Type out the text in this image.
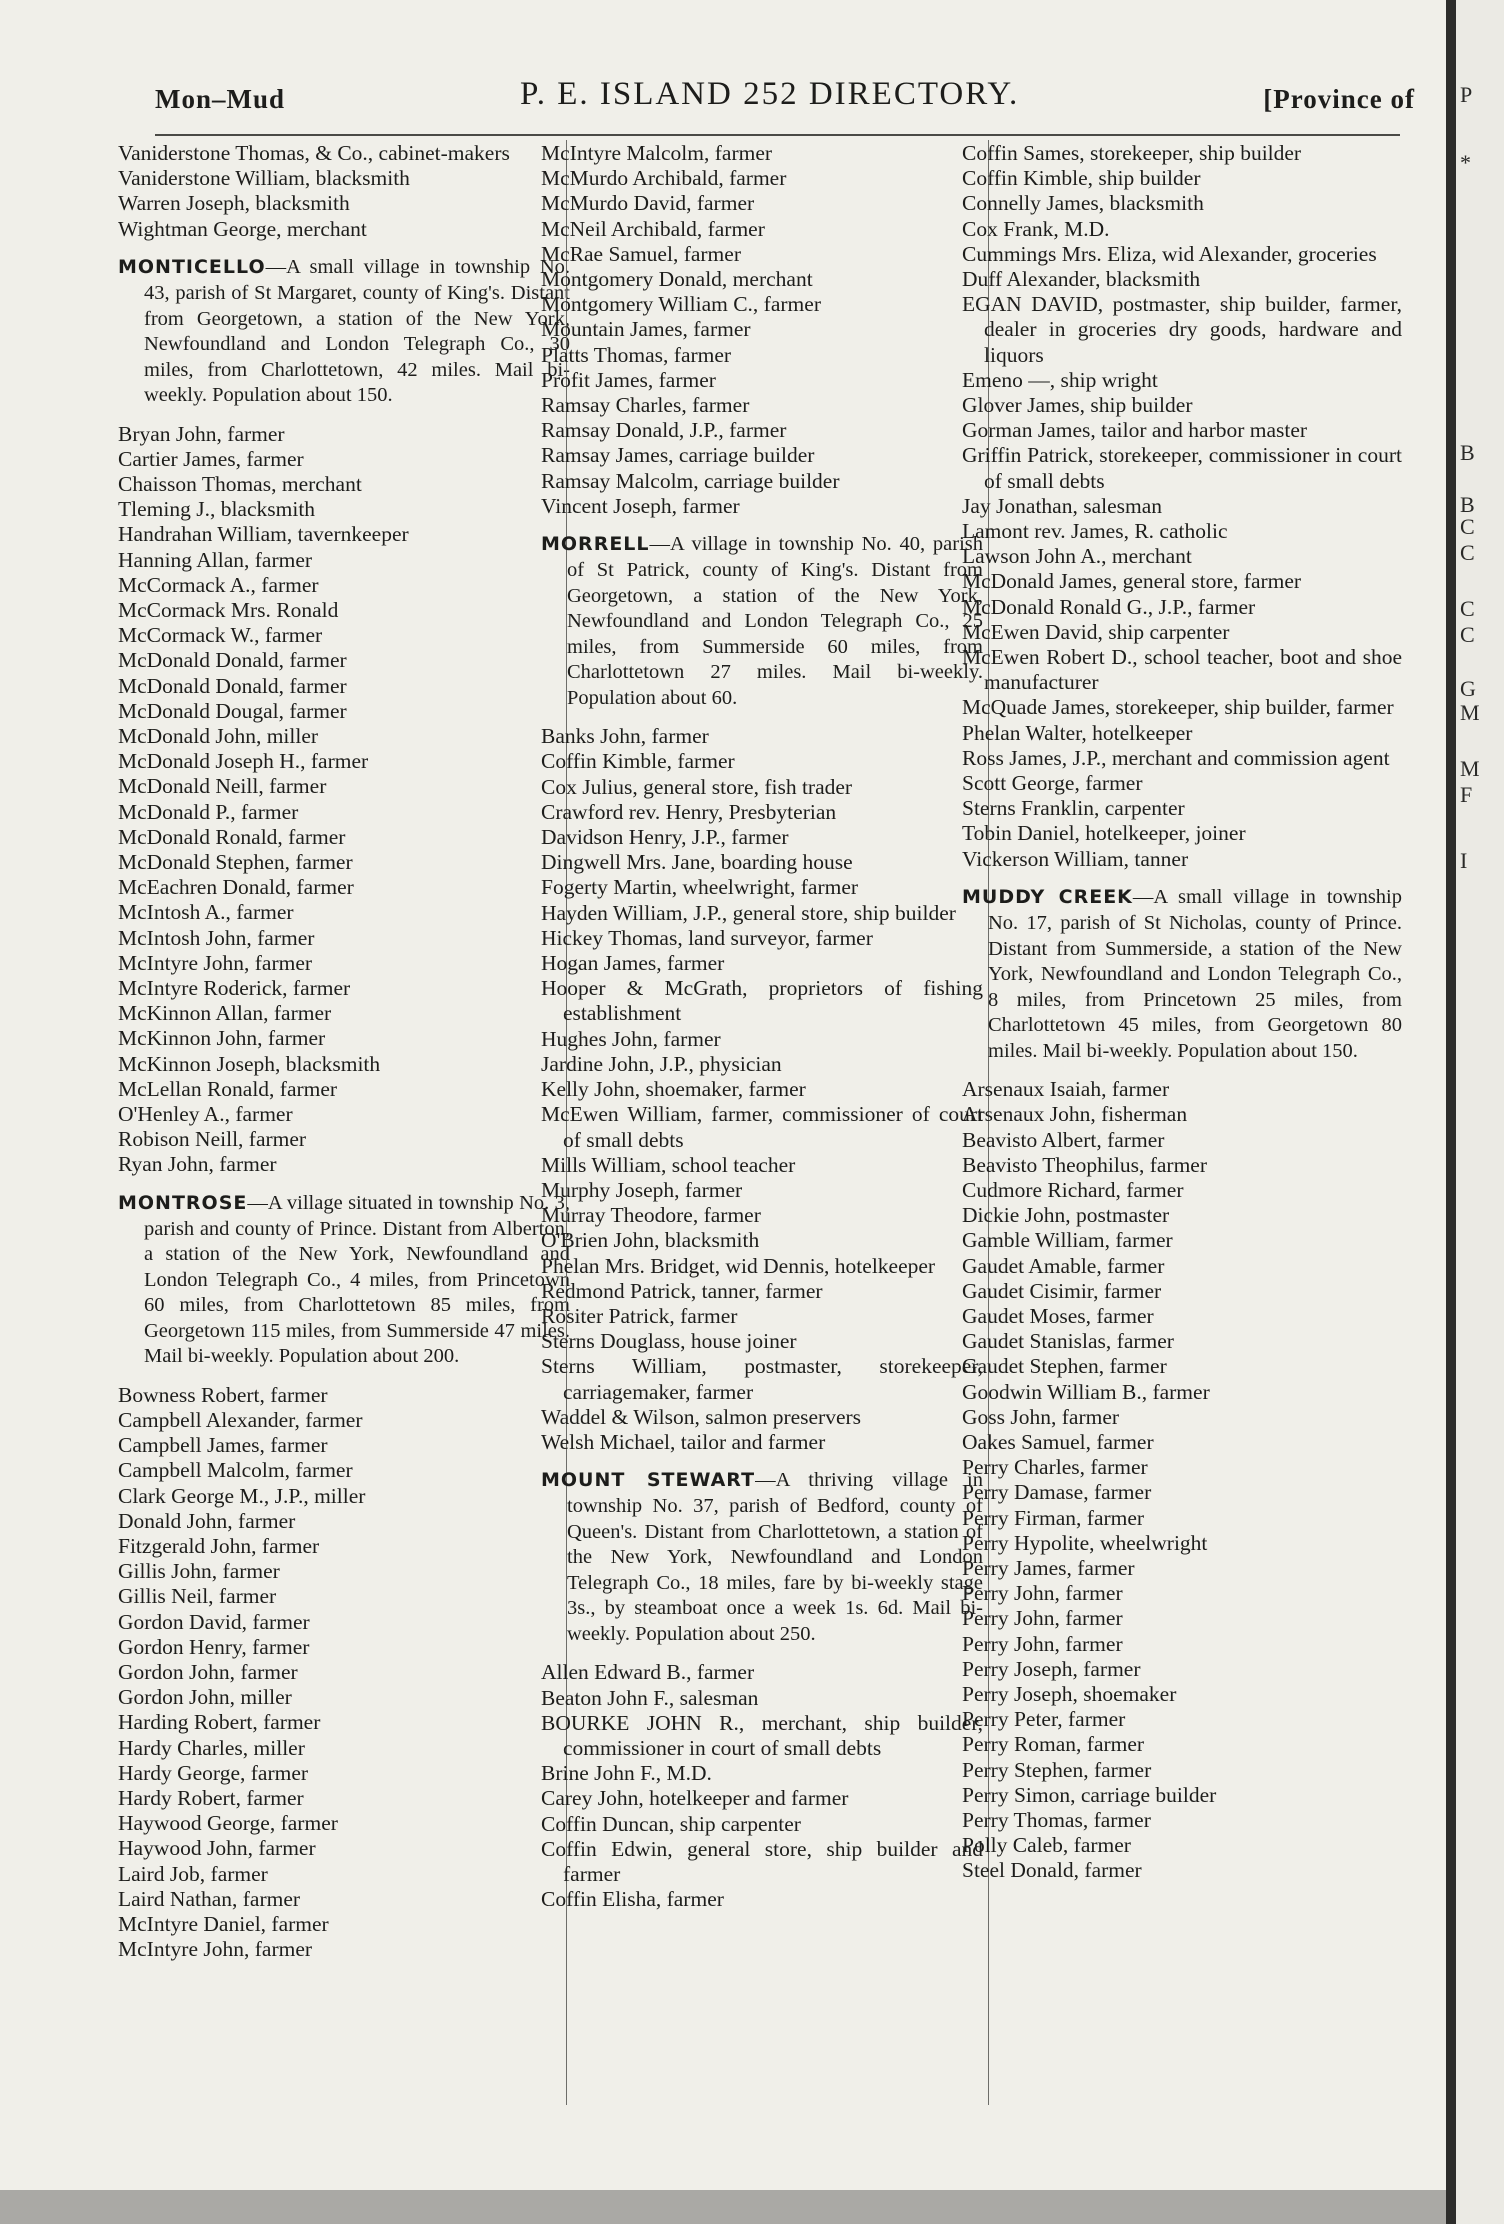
Mon–Mud	P. E. ISLAND 252 DIRECTORY.	[Province of
Vaniderstone Thomas, & Co., cabinet-makers
Vaniderstone William, blacksmith
Warren Joseph, blacksmith
Wightman George, merchant
MONTICELLO—A small village in township No. 43, parish of St Margaret, county of King's. Distant from Georgetown, a station of the New York, Newfoundland and London Telegraph Co., 30 miles, from Charlottetown, 42 miles. Mail bi-weekly. Population about 150.
Bryan John, farmer
Cartier James, farmer
Chaisson Thomas, merchant
Tleming J., blacksmith
Handrahan William, tavernkeeper
Hanning Allan, farmer
McCormack A., farmer
McCormack Mrs. Ronald
McCormack W., farmer
McDonald Donald, farmer
McDonald Donald, farmer
McDonald Dougal, farmer
McDonald John, miller
McDonald Joseph H., farmer
McDonald Neill, farmer
McDonald P., farmer
McDonald Ronald, farmer
McDonald Stephen, farmer
McEachren Donald, farmer
McIntosh A., farmer
McIntosh John, farmer
McIntyre John, farmer
McIntyre Roderick, farmer
McKinnon Allan, farmer
McKinnon John, farmer
McKinnon Joseph, blacksmith
McLellan Ronald, farmer
O'Henley A., farmer
Robison Neill, farmer
Ryan John, farmer
MONTROSE—A village situated in township No. 3, parish and county of Prince. Distant from Alberton, a station of the New York, Newfoundland and London Telegraph Co., 4 miles, from Princetown 60 miles, from Charlottetown 85 miles, from Georgetown 115 miles, from Summerside 47 miles. Mail bi-weekly. Population about 200.
Bowness Robert, farmer
Campbell Alexander, farmer
Campbell James, farmer
Campbell Malcolm, farmer
Clark George M., J.P., miller
Donald John, farmer
Fitzgerald John, farmer
Gillis John, farmer
Gillis Neil, farmer
Gordon David, farmer
Gordon Henry, farmer
Gordon John, farmer
Gordon John, miller
Harding Robert, farmer
Hardy Charles, miller
Hardy George, farmer
Hardy Robert, farmer
Haywood George, farmer
Haywood John, farmer
Laird Job, farmer
Laird Nathan, farmer
McIntyre Daniel, farmer
McIntyre John, farmer
McIntyre Malcolm, farmer
McMurdo Archibald, farmer
McMurdo David, farmer
McNeil Archibald, farmer
McRae Samuel, farmer
Montgomery Donald, merchant
Montgomery William C., farmer
Mountain James, farmer
Platts Thomas, farmer
Profit James, farmer
Ramsay Charles, farmer
Ramsay Donald, J.P., farmer
Ramsay James, carriage builder
Ramsay Malcolm, carriage builder
Vincent Joseph, farmer
MORRELL—A village in township No. 40, parish of St Patrick, county of King's. Distant from Georgetown, a station of the New York, Newfoundland and London Telegraph Co., 25 miles, from Summerside 60 miles, from Charlottetown 27 miles. Mail bi-weekly. Population about 60.
Banks John, farmer
Coffin Kimble, farmer
Cox Julius, general store, fish trader
Crawford rev. Henry, Presbyterian
Davidson Henry, J.P., farmer
Dingwell Mrs. Jane, boarding house
Fogerty Martin, wheelwright, farmer
Hayden William, J.P., general store, ship builder
Hickey Thomas, land surveyor, farmer
Hogan James, farmer
Hooper & McGrath, proprietors of fishing establishment
Hughes John, farmer
Jardine John, J.P., physician
Kelly John, shoemaker, farmer
McEwen William, farmer, commissioner of court of small debts
Mills William, school teacher
Murphy Joseph, farmer
Murray Theodore, farmer
O'Brien John, blacksmith
Phelan Mrs. Bridget, wid Dennis, hotelkeeper
Redmond Patrick, tanner, farmer
Rositer Patrick, farmer
Sterns Douglass, house joiner
Sterns William, postmaster, storekeeper, carriagemaker, farmer
Waddel & Wilson, salmon preservers
Welsh Michael, tailor and farmer
MOUNT STEWART—A thriving village in township No. 37, parish of Bedford, county of Queen's. Distant from Charlottetown, a station of the New York, Newfoundland and London Telegraph Co., 18 miles, fare by bi-weekly stage 3s., by steamboat once a week 1s. 6d. Mail bi-weekly. Population about 250.
Allen Edward B., farmer
Beaton John F., salesman
BOURKE JOHN R., merchant, ship builder, commissioner in court of small debts
Brine John F., M.D.
Carey John, hotelkeeper and farmer
Coffin Duncan, ship carpenter
Coffin Edwin, general store, ship builder and farmer
Coffin Elisha, farmer
Coffin Sames, storekeeper, ship builder
Coffin Kimble, ship builder
Connelly James, blacksmith
Cox Frank, M.D.
Cummings Mrs. Eliza, wid Alexander, groceries
Duff Alexander, blacksmith
EGAN DAVID, postmaster, ship builder, farmer, dealer in groceries dry goods, hardware and liquors
Emeno —, ship wright
Glover James, ship builder
Gorman James, tailor and harbor master
Griffin Patrick, storekeeper, commissioner in court of small debts
Jay Jonathan, salesman
Lamont rev. James, R. catholic
Lawson John A., merchant
McDonald James, general store, farmer
McDonald Ronald G., J.P., farmer
McEwen David, ship carpenter
McEwen Robert D., school teacher, boot and shoe manufacturer
McQuade James, storekeeper, ship builder, farmer
Phelan Walter, hotelkeeper
Ross James, J.P., merchant and commission agent
Scott George, farmer
Sterns Franklin, carpenter
Tobin Daniel, hotelkeeper, joiner
Vickerson William, tanner
MUDDY CREEK—A small village in township No. 17, parish of St Nicholas, county of Prince. Distant from Summerside, a station of the New York, Newfoundland and London Telegraph Co., 8 miles, from Princetown 25 miles, from Charlottetown 45 miles, from Georgetown 80 miles. Mail bi-weekly. Population about 150.
Arsenaux Isaiah, farmer
Arsenaux John, fisherman
Beavisto Albert, farmer
Beavisto Theophilus, farmer
Cudmore Richard, farmer
Dickie John, postmaster
Gamble William, farmer
Gaudet Amable, farmer
Gaudet Cisimir, farmer
Gaudet Moses, farmer
Gaudet Stanislas, farmer
Gaudet Stephen, farmer
Goodwin William B., farmer
Goss John, farmer
Oakes Samuel, farmer
Perry Charles, farmer
Perry Damase, farmer
Perry Firman, farmer
Perry Hypolite, wheelwright
Perry James, farmer
Perry John, farmer
Perry John, farmer
Perry John, farmer
Perry Joseph, farmer
Perry Joseph, shoemaker
Perry Peter, farmer
Perry Roman, farmer
Perry Stephen, farmer
Perry Simon, carriage builder
Perry Thomas, farmer
Polly Caleb, farmer
Steel Donald, farmer
P
*
B
B
C
C
C
C
G
M
M
F
I
